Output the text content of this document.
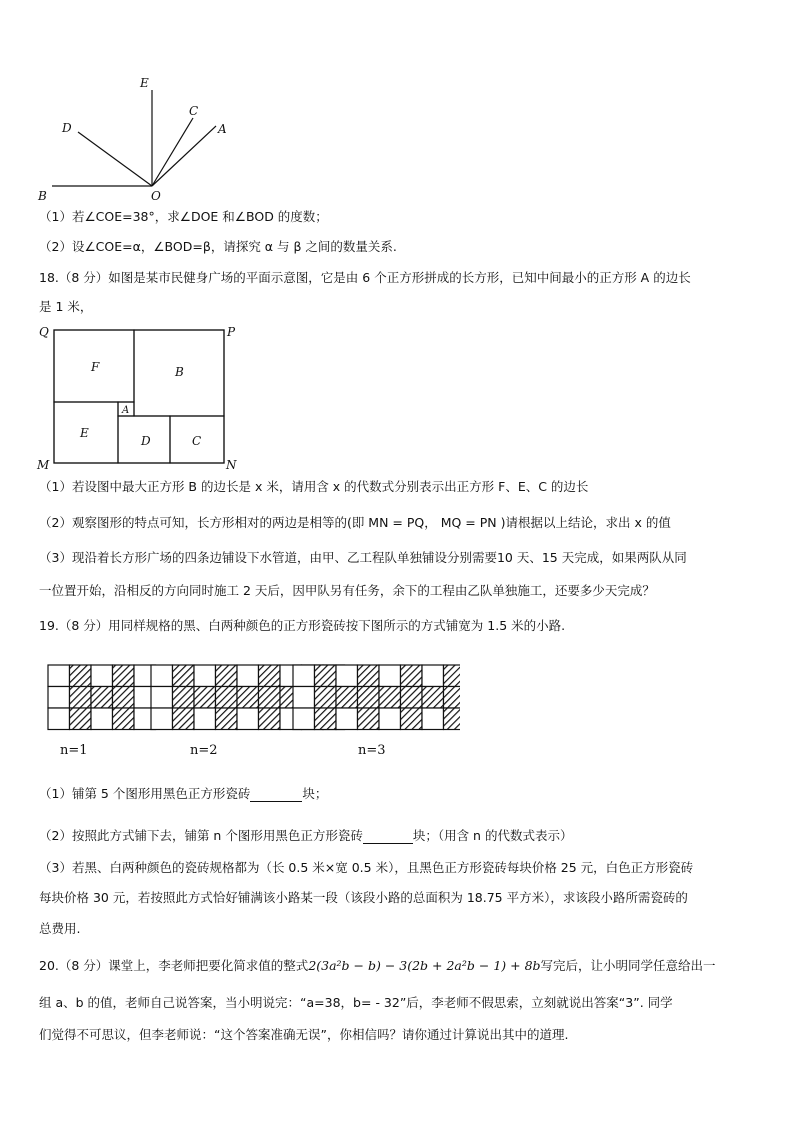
E
C
D	A
B	O
（1）若∠COE=38°，求∠DOE 和∠BOD 的度数；
（2）设∠COE=α，∠BOD=β，请探究 α 与 β 之间的数量关系.
18.（8 分）如图是某市民健身广场的平面示意图，它是由 6 个正方形拼成的长方形，已知中间最小的正方形 A 的边长
是 1 米，
Q	P
M	N
F	B
A
E
D	C
（1）若设图中最大正方形 B 的边长是 x 米，请用含 x 的代数式分别表示出正方形 F、E、C 的边长
（2）观察图形的特点可知，长方形相对的两边是相等的(即 MN = PQ， MQ = PN )请根据以上结论，求出 x 的值
（3）现沿着长方形广场的四条边铺设下水管道，由甲、乙工程队单独铺设分别需要10 天、15 天完成，如果两队从同
一位置开始，沿相反的方向同时施工 2 天后，因甲队另有任务，余下的工程由乙队单独施工，还要多少天完成？
19.（8 分）用同样规格的黑、白两种颜色的正方形瓷砖按下图所示的方式铺宽为 1.5 米的小路.
n=1	n=2	n=3
（1）铺第 5 个图形用黑色正方形瓷砖	块；
（2）按照此方式铺下去，铺第 n 个图形用黑色正方形瓷砖	块；（用含 n 的代数式表示）
（3）若黑、白两种颜色的瓷砖规格都为（长 0.5 米×宽 0.5 米），且黑色正方形瓷砖每块价格 25 元，白色正方形瓷砖
每块价格 30 元，若按照此方式恰好铺满该小路某一段（该段小路的总面积为 18.75 平方米），求该段小路所需瓷砖的
总费用.
20.（8 分）课堂上，李老师把要化简求值的整式2(3a²b − b) − 3(2b + 2a²b − 1) + 8b写完后，让小明同学任意给出一
组 a、b 的值，老师自己说答案，当小明说完：“a=38，b= - 32”后，李老师不假思索，立刻就说出答案“3”. 同学
们觉得不可思议，但李老师说：“这个答案准确无误”，你相信吗？请你通过计算说出其中的道理.
